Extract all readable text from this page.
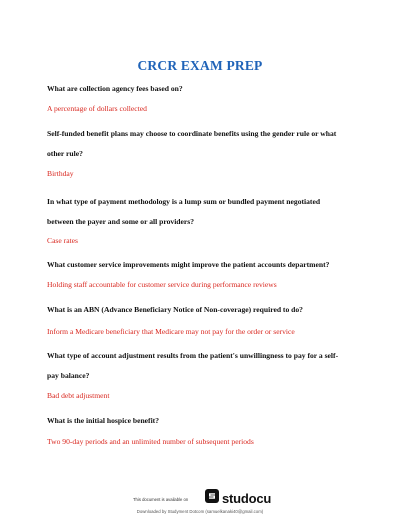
CRCR EXAM PREP
What are collection agency fees based on?
A percentage of dollars collected
Self-funded benefit plans may choose to coordinate benefits using the gender rule or what
other rule?
Birthday
In what type of payment methodology is a lump sum or bundled payment negotiated
between the payer and some or all providers?
Case rates
What customer service improvements might improve the patient accounts department?
Holding staff accountable for customer service during performance reviews
What is an ABN (Advance Beneficiary Notice of Non-coverage) required to do?
Inform a Medicare beneficiary that Medicare may not pay for the order or service
What type of account adjustment results from the patient's unwillingness to pay for a self-
pay balance?
Bad debt adjustment
What is the initial hospice benefit?
Two 90-day periods and an unlimited number of subsequent periods
This document is available on	studocu
Downloaded by Studyment Dotcom (samuelkanaki40@gmail.com)
